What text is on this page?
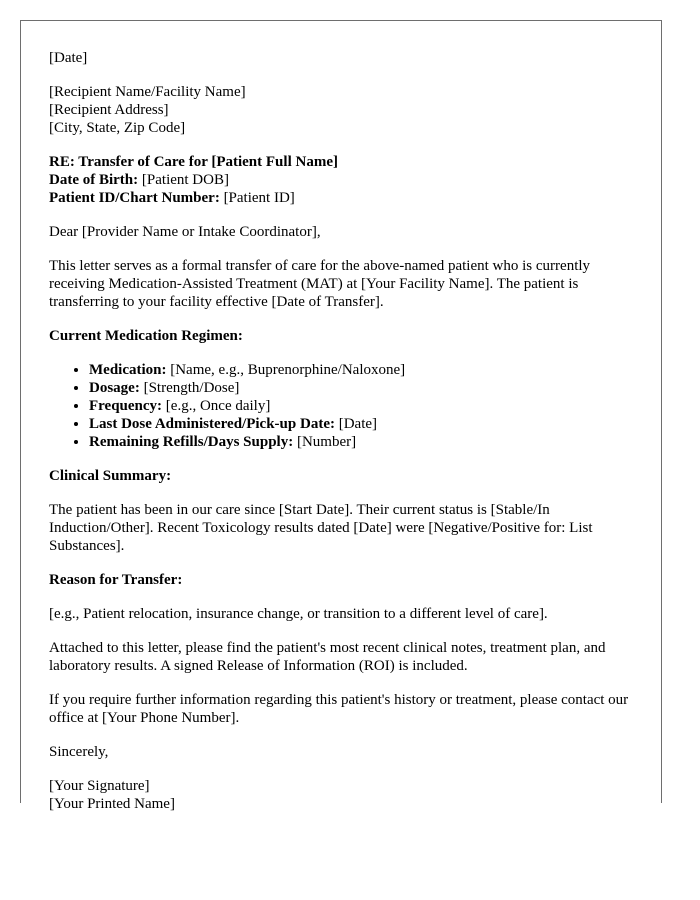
[Date]

[Recipient Name/Facility Name]
[Recipient Address]
[City, State, Zip Code]

RE: Transfer of Care for [Patient Full Name]
Date of Birth: [Patient DOB]
Patient ID/Chart Number: [Patient ID]

Dear [Provider Name or Intake Coordinator],

This letter serves as a formal transfer of care for the above-named patient who is currently receiving Medication-Assisted Treatment (MAT) at [Your Facility Name]. The patient is transferring to your facility effective [Date of Transfer].

Current Medication Regimen:

• Medication: [Name, e.g., Buprenorphine/Naloxone]
• Dosage: [Strength/Dose]
• Frequency: [e.g., Once daily]
• Last Dose Administered/Pick-up Date: [Date]
• Remaining Refills/Days Supply: [Number]

Clinical Summary:

The patient has been in our care since [Start Date]. Their current status is [Stable/In Induction/Other]. Recent Toxicology results dated [Date] were [Negative/Positive for: List Substances].

Reason for Transfer:

[e.g., Patient relocation, insurance change, or transition to a different level of care].

Attached to this letter, please find the patient's most recent clinical notes, treatment plan, and laboratory results. A signed Release of Information (ROI) is included.

If you require further information regarding this patient's history or treatment, please contact our office at [Your Phone Number].

Sincerely,

[Your Signature]
[Your Printed Name]
